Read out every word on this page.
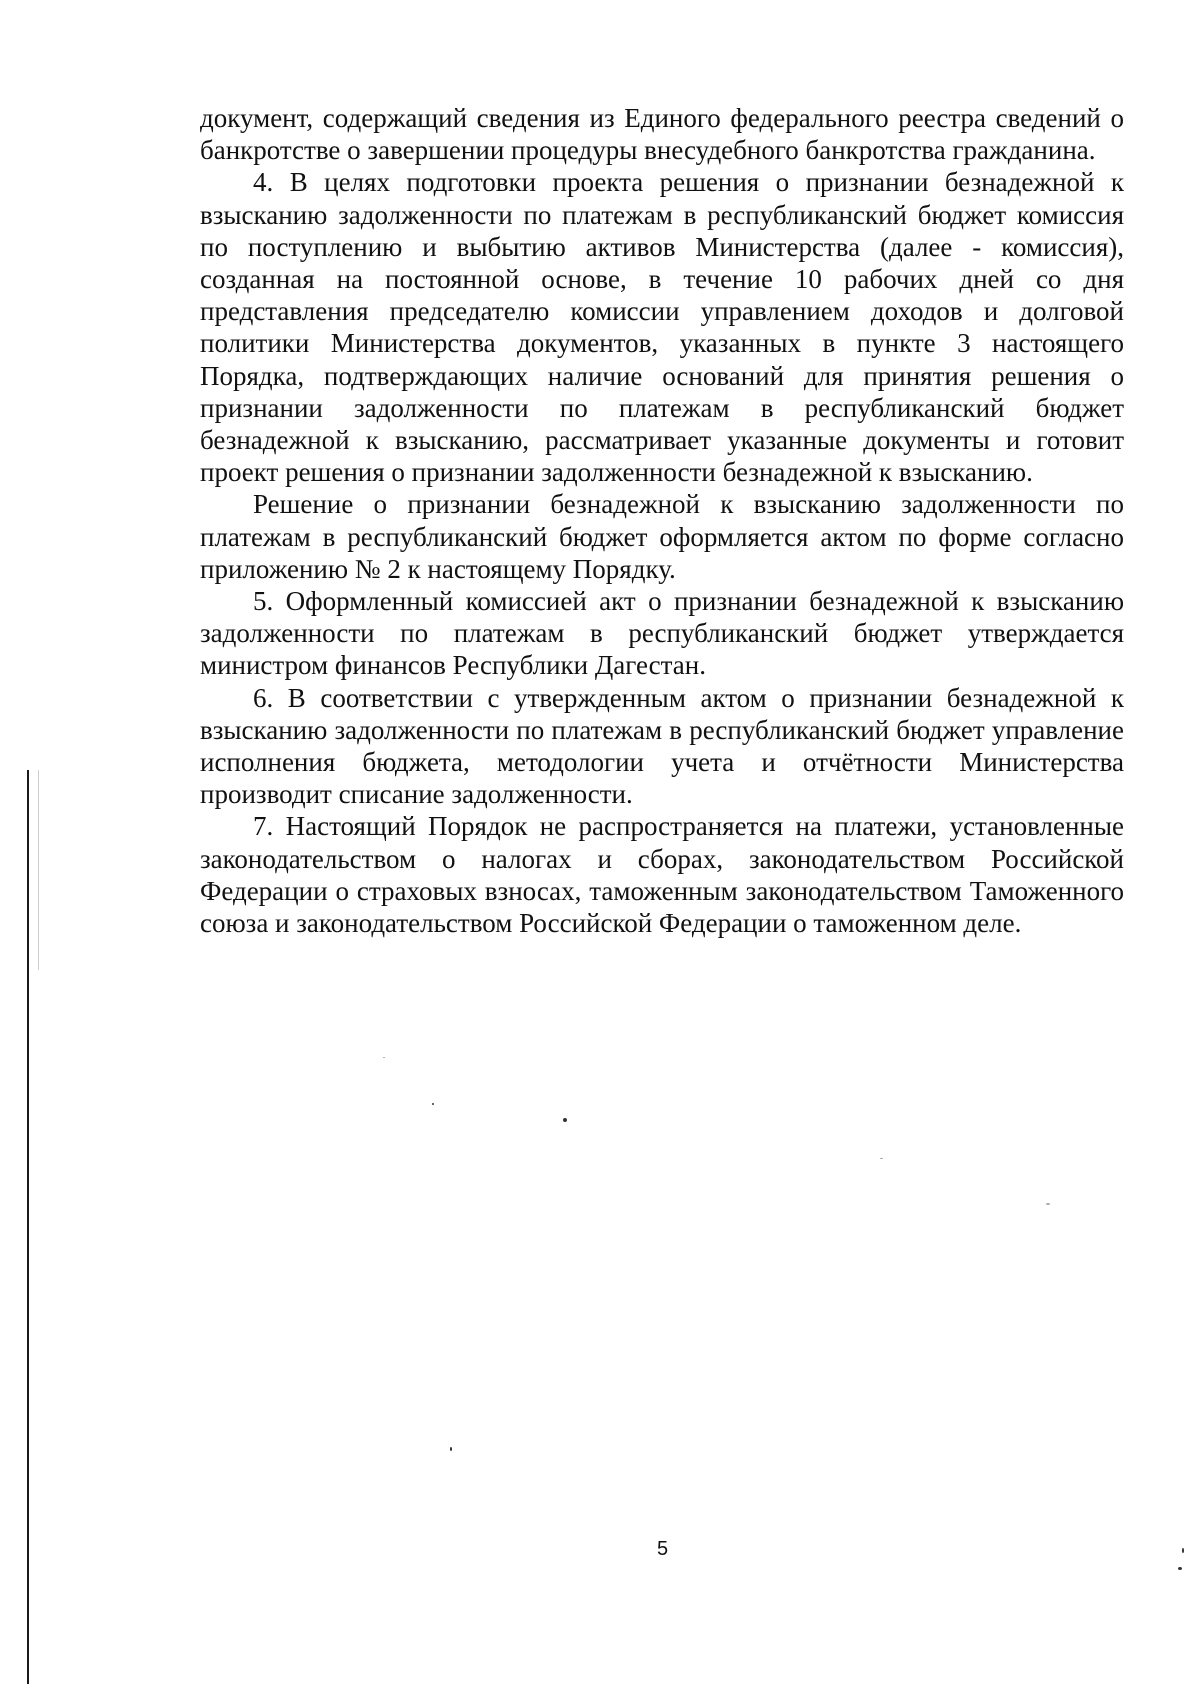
документ, содержащий сведения из Единого федерального реестра сведений о банкротстве о завершении процедуры внесудебного банкротства гражданина.

4. В целях подготовки проекта решения о признании безнадежной к взысканию задолженности по платежам в республиканский бюджет комиссия по поступлению и выбытию активов Министерства (далее - комиссия), созданная на постоянной основе, в течение 10 рабочих дней со дня представления председателю комиссии управлением доходов и долговой политики Министерства документов, указанных в пункте 3 настоящего Порядка, подтверждающих наличие оснований для принятия решения о признании задолженности по платежам в республиканский бюджет безнадежной к взысканию, рассматривает указанные документы и готовит проект решения о признании задолженности безнадежной к взысканию.

Решение о признании безнадежной к взысканию задолженности по платежам в республиканский бюджет оформляется актом по форме согласно приложению № 2 к настоящему Порядку.

5. Оформленный комиссией акт о признании безнадежной к взысканию задолженности по платежам в республиканский бюджет утверждается министром финансов Республики Дагестан.

6. В соответствии с утвержденным актом о признании безнадежной к взысканию задолженности по платежам в республиканский бюджет управление исполнения бюджета, методологии учета и отчётности Министерства производит списание задолженности.

7. Настоящий Порядок не распространяется на платежи, установленные законодательством о налогах и сборах, законодательством Российской Федерации о страховых взносах, таможенным законодательством Таможенного союза и законодательством Российской Федерации о таможенном деле.

5
